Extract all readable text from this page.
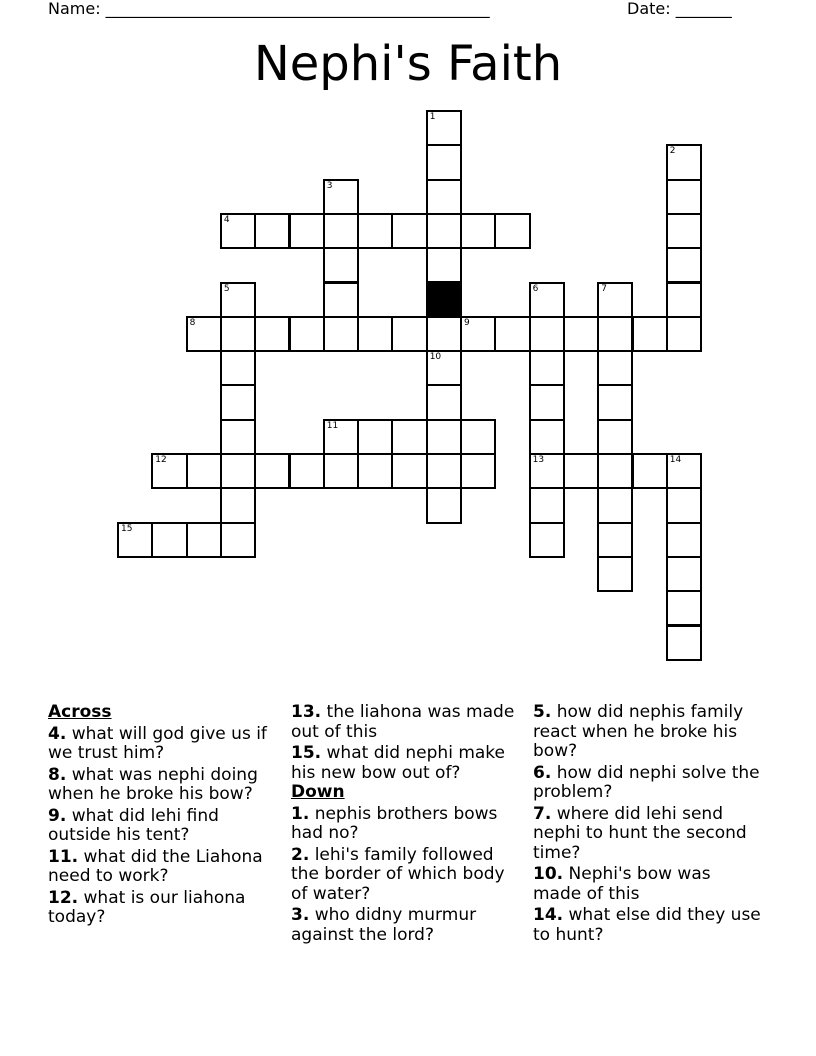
Name: ________________________________________________	Date: _______
Nephi's Faith
1
2
3
4
5	6	7
8	9
10
11
12	13	14
15
Across
4. what will god give us if we trust him?
8. what was nephi doing when he broke his bow?
9. what did lehi find outside his tent?
11. what did the Liahona need to work?
12. what is our liahona today?
13. the liahona was made out of this
15. what did nephi make his new bow out of?
Down
1. nephis brothers bows had no?
2. lehi's family followed the border of which body of water?
3. who didny murmur against the lord?
5. how did nephis family react when he broke his bow?
6. how did nephi solve the problem?
7. where did lehi send nephi to hunt the second time?
10. Nephi's bow was made of this
14. what else did they use to hunt?
